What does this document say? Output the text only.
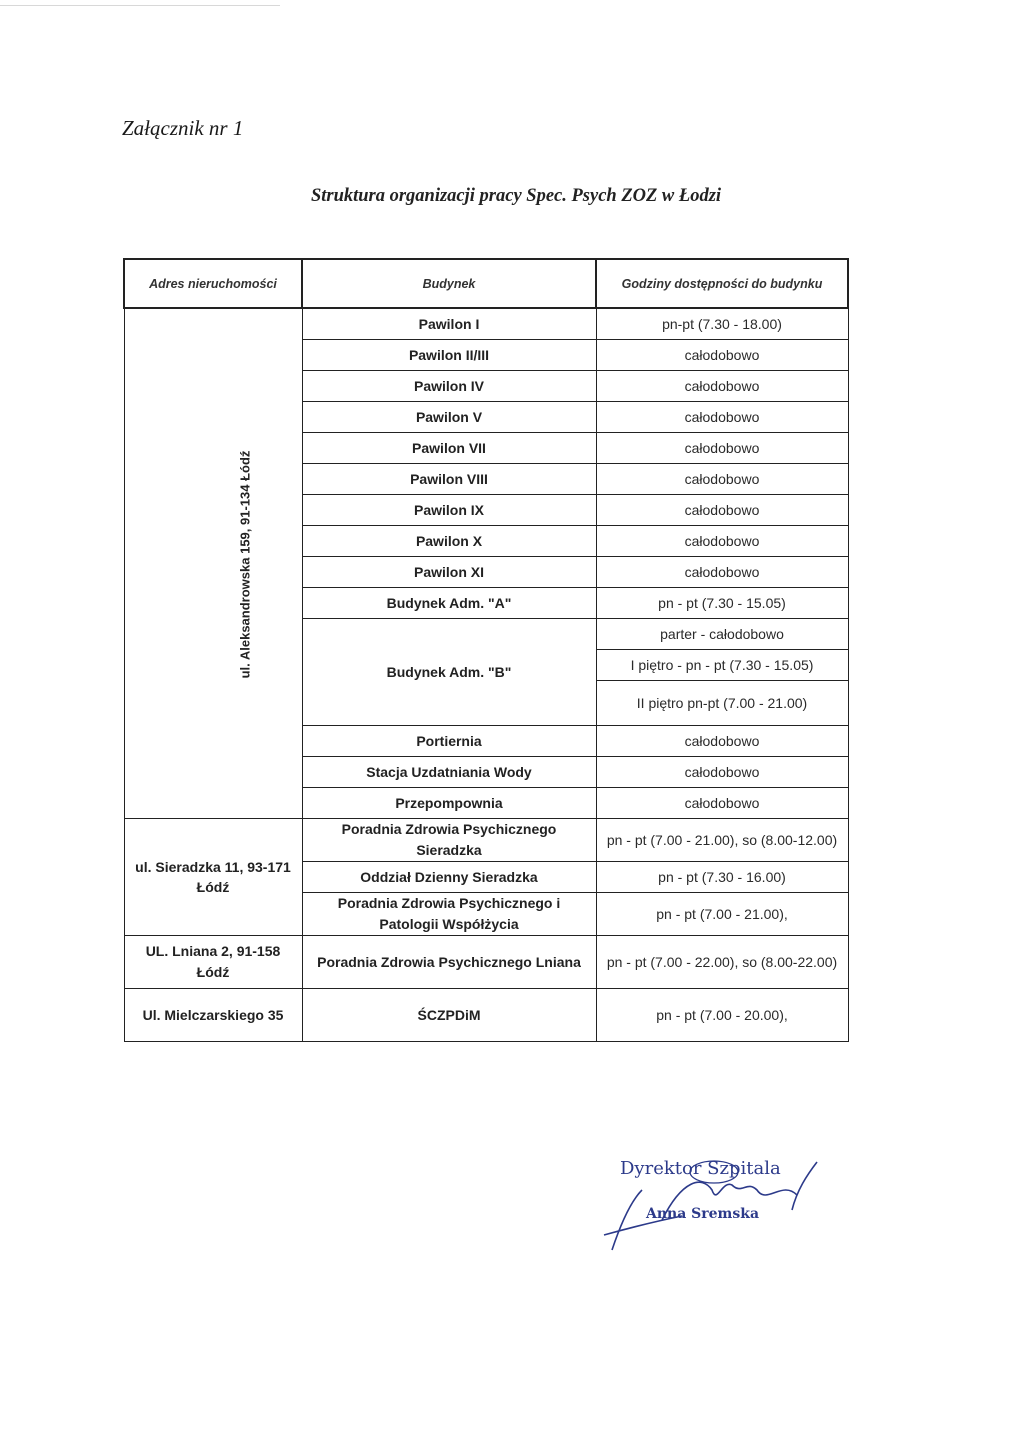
Załącznik nr 1
Struktura organizacji pracy Spec. Psych ZOZ w Łodzi
Adres nieruchomości	Budynek	Godziny dostępności do budynku
ul. Aleksandrowska 159, 91-134 Łódź	Pawilon I	pn-pt (7.30 - 18.00)
	Pawilon II/III	całodobowo
	Pawilon IV	całodobowo
	Pawilon V	całodobowo
	Pawilon VII	całodobowo
	Pawilon VIII	całodobowo
	Pawilon IX	całodobowo
	Pawilon X	całodobowo
	Pawilon XI	całodobowo
	Budynek Adm. "A"	pn - pt (7.30 - 15.05)
	Budynek Adm. "B"	parter - całodobowo
		I piętro - pn - pt (7.30 - 15.05)
		II piętro pn-pt (7.00 - 21.00)
	Portiernia	całodobowo
	Stacja Uzdatniania Wody	całodobowo
	Przepompownia	całodobowo
ul. Sieradzka 11, 93-171 Łódź	Poradnia Zdrowia Psychicznego Sieradzka	pn - pt (7.00 - 21.00), so (8.00-12.00)
	Oddział Dzienny Sieradzka	pn - pt (7.30 - 16.00)
	Poradnia Zdrowia Psychicznego i Patologii Współżycia	pn - pt (7.00 - 21.00),
UL. Lniana 2, 91-158 Łódź	Poradnia Zdrowia Psychicznego Lniana	pn - pt (7.00 - 22.00), so (8.00-22.00)
Ul. Mielczarskiego 35	ŚCZPDiM	pn - pt (7.00 - 20.00),
Dyrektor Szpitala
Anna Sremska
